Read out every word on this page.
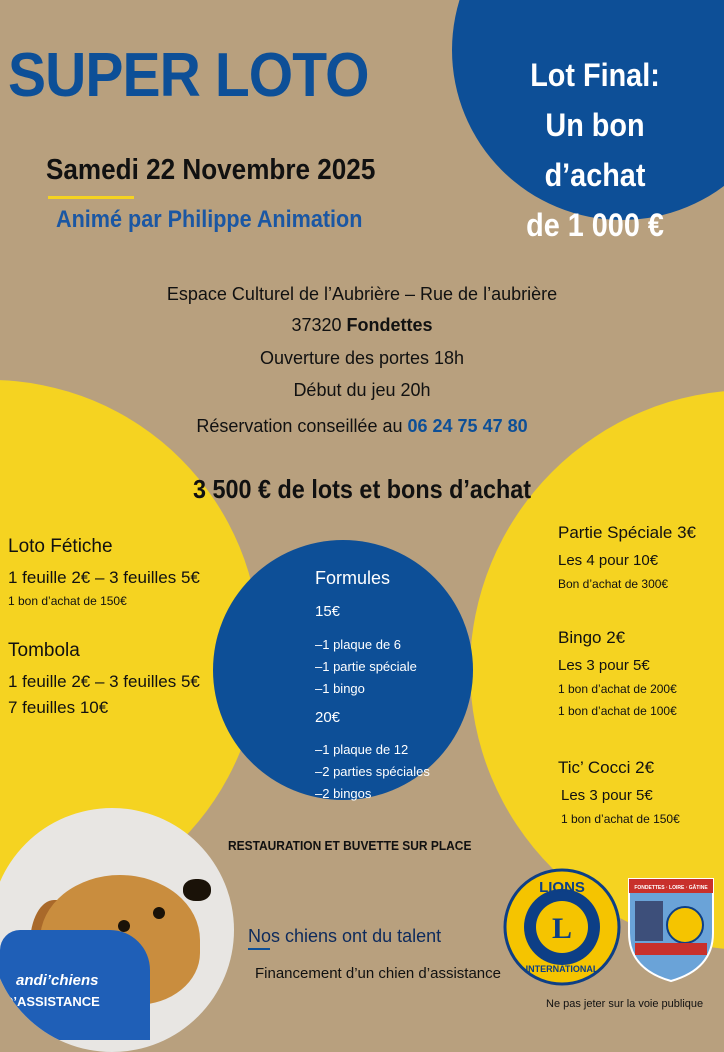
SUPER LOTO	Lot Final:
Un bon d’achat
de 1 000 €
Samedi 22 Novembre 2025
Animé par Philippe Animation
Espace Culturel de l’Aubrière – Rue de l’aubrière
37320 Fondettes
Ouverture des portes 18h
Début du jeu 20h
Réservation conseillée au 06 24 75 47 80
3 500 € de lots et bons d’achat
Loto Fétiche
1 feuille 2€ – 3 feuilles 5€
1 bon d’achat de 150€
Tombola
1 feuille 2€ – 3 feuilles 5€
7 feuilles 10€
Formules
15€
–1 plaque de 6
–1 partie spéciale
–1 bingo
20€
–1 plaque de 12
–2 parties spéciales
–2 bingos
Partie Spéciale 3€
Les 4 pour 10€
Bon d’achat de 300€
Bingo 2€
Les 3 pour 5€
1 bon d’achat de 200€
1 bon d’achat de 100€
Tic’ Cocci 2€
Les 3 pour 5€
1 bon d’achat de 150€
RESTAURATION ET BUVETTE SUR PLACE
andi’chiens
D’ASSISTANCE
Nos chiens ont du talent
Financement d’un chien d’assistance
LIONS
INTERNATIONAL
L
FONDETTES · LOIRE · GÂTINE
Ne pas jeter sur la voie publique
